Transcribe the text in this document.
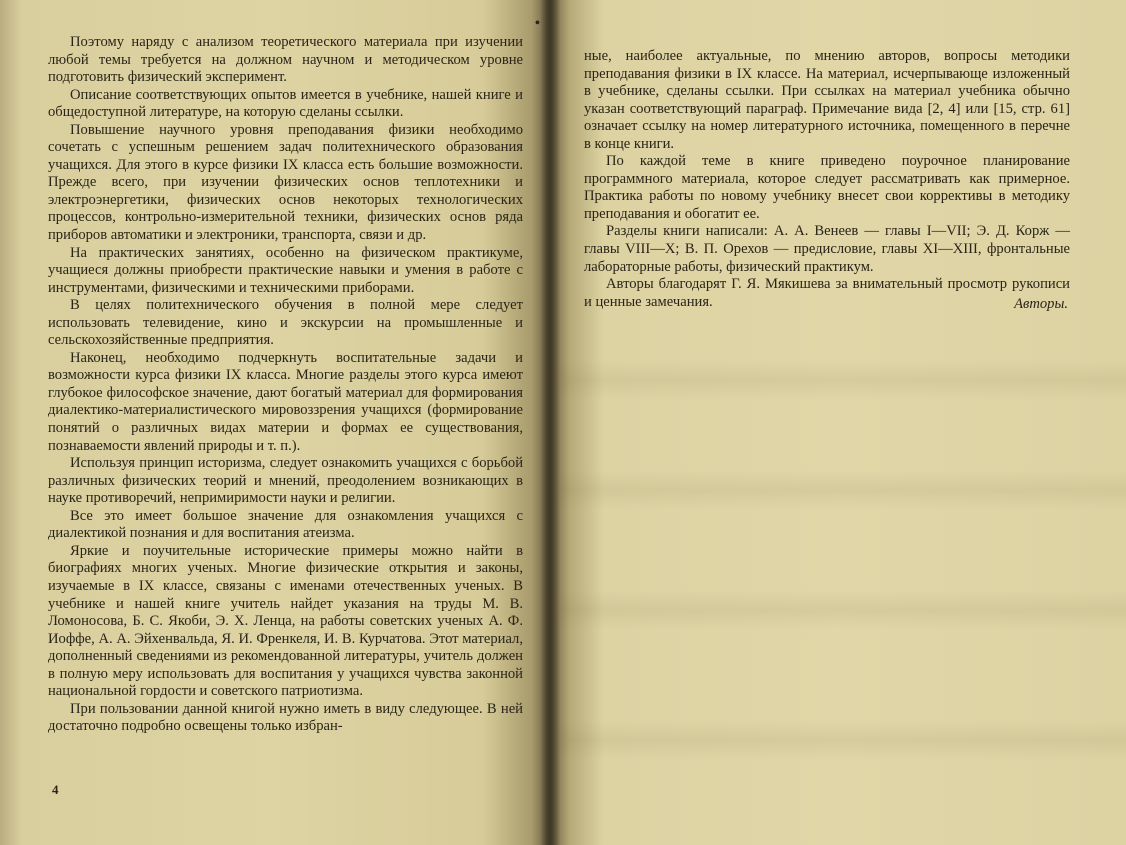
Поэтому наряду с анализом теоретического материала при изучении любой темы требуется на должном научном и методическом уровне подготовить физический эксперимент.

Описание соответствующих опытов имеется в учебнике, нашей книге и общедоступной литературе, на которую сделаны ссылки.

Повышение научного уровня преподавания физики необходимо сочетать с успешным решением задач политехнического образования учащихся. Для этого в курсе физики IX класса есть большие возможности. Прежде всего, при изучении физических основ теплотехники и электроэнергетики, физических основ некоторых технологических процессов, контрольно-измерительной техники, физических основ ряда приборов автоматики и электроники, транспорта, связи и др.

На практических занятиях, особенно на физическом практикуме, учащиеся должны приобрести практические навыки и умения в работе с инструментами, физическими и техническими приборами.

В целях политехнического обучения в полной мере следует использовать телевидение, кино и экскурсии на промышленные и сельскохозяйственные предприятия.

Наконец, необходимо подчеркнуть воспитательные задачи и возможности курса физики IX класса. Многие разделы этого курса имеют глубокое философское значение, дают богатый материал для формирования диалектико-материалистического мировоззрения учащихся (формирование понятий о различных видах материи и формах ее существования, познаваемости явлений природы и т. п.).

Используя принцип историзма, следует ознакомить учащихся с борьбой различных физических теорий и мнений, преодолением возникающих в науке противоречий, непримиримости науки и религии.

Все это имеет большое значение для ознакомления учащихся с диалектикой познания и для воспитания атеизма.

Яркие и поучительные исторические примеры можно найти в биографиях многих ученых. Многие физические открытия и законы, изучаемые в IX классе, связаны с именами отечественных ученых. В учебнике и нашей книге учитель найдет указания на труды М. В. Ломоносова, Б. С. Якоби, Э. Х. Ленца, на работы советских ученых А. Ф. Иоффе, А. А. Эйхенвальда, Я. И. Френкеля, И. В. Курчатова. Этот материал, дополненный сведениями из рекомендованной литературы, учитель должен в полную меру использовать для воспитания у учащихся чувства законной национальной гордости и советского патриотизма.

При пользовании данной книгой нужно иметь в виду следующее. В ней достаточно подробно освещены только избран-

•
4

ные, наиболее актуальные, по мнению авторов, вопросы методики преподавания физики в IX классе. На материал, исчерпывающе изложенный в учебнике, сделаны ссылки. При ссылках на материал учебника обычно указан соответствующий параграф. Примечание вида [2, 4] или [15, стр. 61] означает ссылку на номер литературного источника, помещенного в перечне в конце книги.

По каждой теме в книге приведено поурочное планирование программного материала, которое следует рассматривать как примерное. Практика работы по новому учебнику внесет свои коррективы в методику преподавания и обогатит ее.

Разделы книги написали: А. А. Венеев — главы I—VII; Э. Д. Корж — главы VIII—X; В. П. Орехов — предисловие, главы XI—XIII, фронтальные лабораторные работы, физический практикум.

Авторы благодарят Г. Я. Мякишева за внимательный просмотр рукописи и ценные замечания.	Авторы.
